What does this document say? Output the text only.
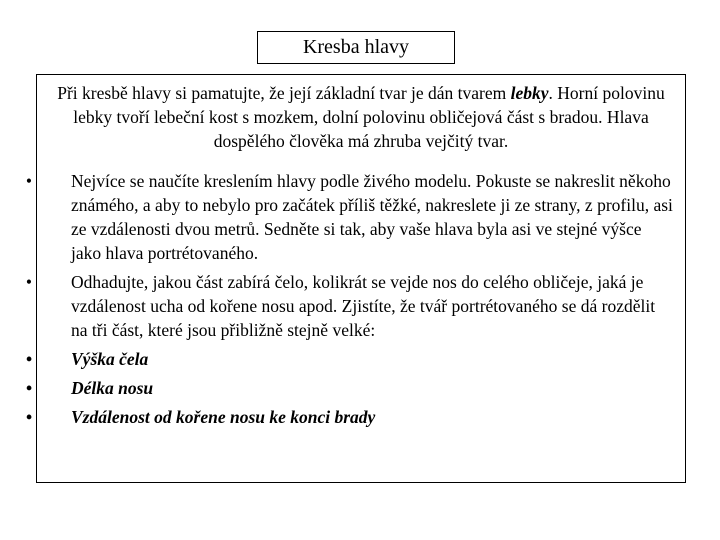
Kresba hlavy

Při kresbě hlavy si pamatujte, že její základní tvar je dán tvarem lebky. Horní polovinu lebky tvoří lebeční kost s mozkem, dolní polovinu obličejová část s bradou. Hlava dospělého člověka má zhruba vejčitý tvar.

•	Nejvíce se naučíte kreslením hlavy podle živého modelu. Pokuste se nakreslit někoho známého, a aby to nebylo pro začátek příliš těžké, nakreslete ji ze strany, z profilu, asi ze vzdálenosti dvou metrů. Sedněte si tak, aby vaše hlava byla asi ve stejné výšce jako hlava portrétovaného.
•	Odhadujte, jakou část zabírá čelo, kolikrát se vejde nos do celého obličeje, jaká je vzdálenost ucha od kořene nosu apod. Zjistíte, že tvář portrétovaného se dá rozdělit na tři část, které jsou přibližně stejně velké:
•	Výška čela
•	Délka nosu
•	Vzdálenost od kořene nosu ke konci brady
